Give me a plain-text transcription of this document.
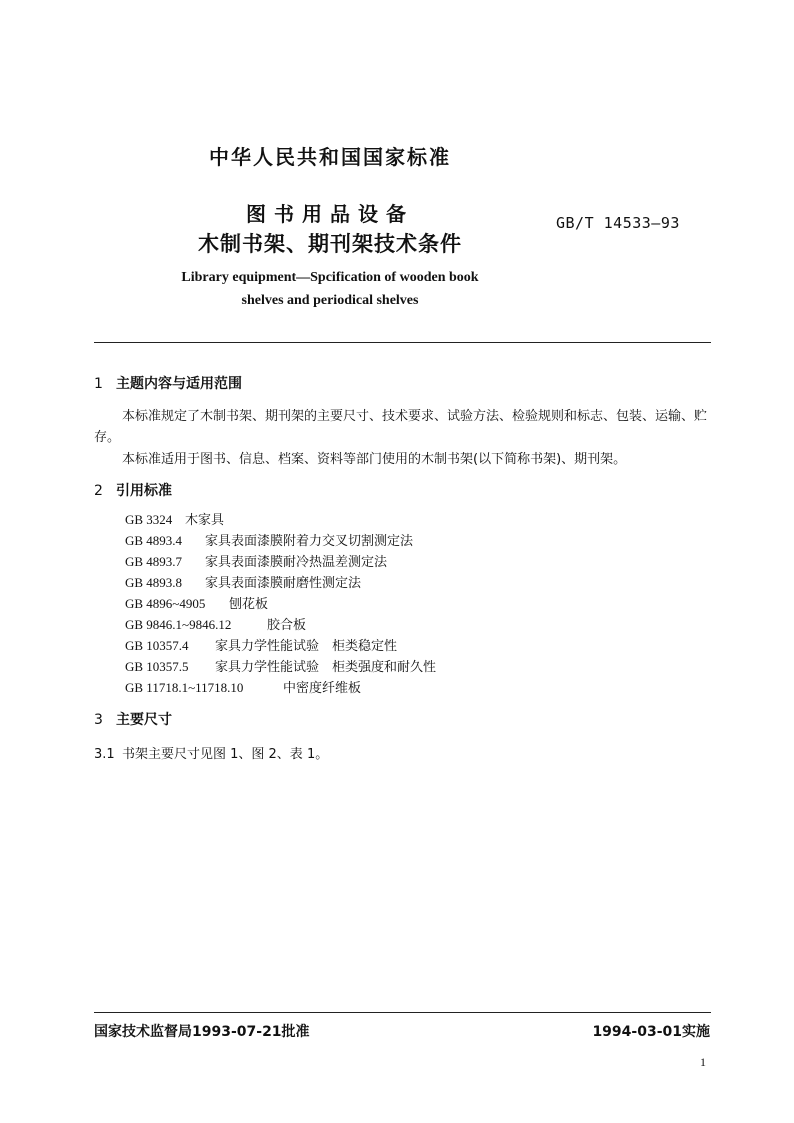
中华人民共和国国家标准
图书用品设备
木制书架、期刊架技术条件
GB/T 14533—93
Library equipment—Spcification of wooden book
shelves and periodical shelves
1 主题内容与适用范围
本标准规定了木制书架、期刊架的主要尺寸、技术要求、试验方法、检验规则和标志、包装、运输、贮
存。
本标准适用于图书、信息、档案、资料等部门使用的木制书架(以下简称书架)、期刊架。
2 引用标准
GB 3324 木家具
GB 4893.4 家具表面漆膜附着力交叉切割测定法
GB 4893.7 家具表面漆膜耐冷热温差测定法
GB 4893.8 家具表面漆膜耐磨性测定法
GB 4896~4905 刨花板
GB 9846.1~9846.12	胶合板
GB 10357.4 家具力学性能试验　柜类稳定性
GB 10357.5 家具力学性能试验　柜类强度和耐久性
GB 11718.1~11718.10	中密度纤维板
3 主要尺寸
3.1 书架主要尺寸见图 1、图 2、表 1。
国家技术监督局1993-07-21批准	1994-03-01实施
1
